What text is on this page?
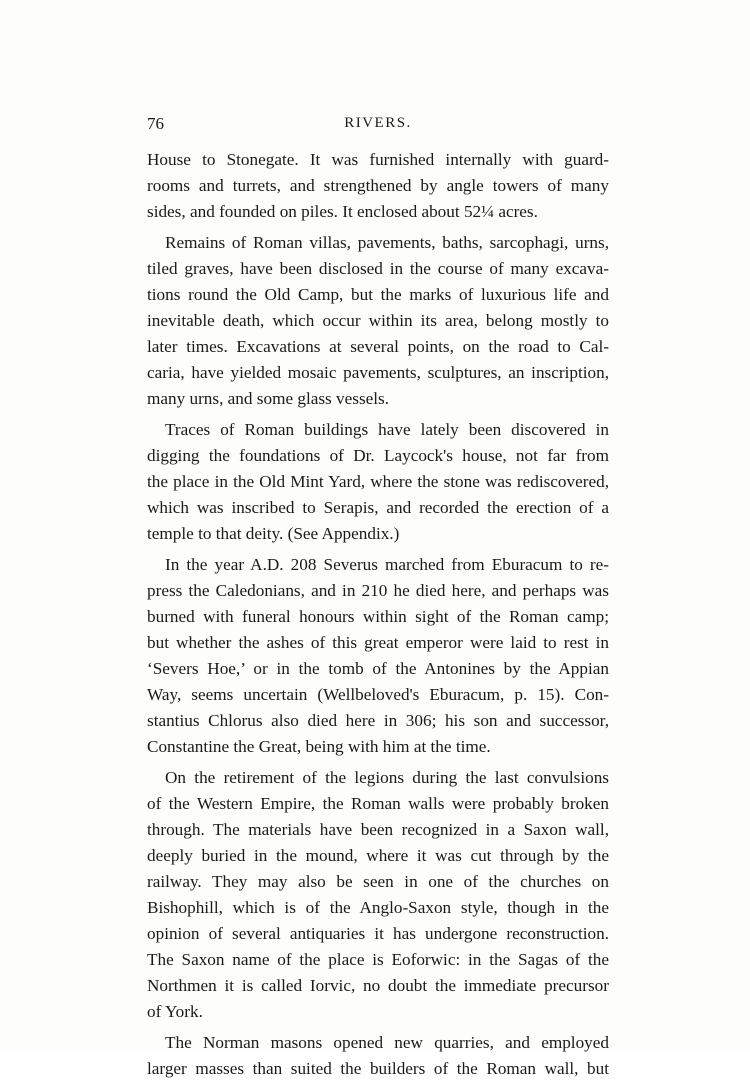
76	RIVERS.
House to Stonegate. It was furnished internally with guard-
rooms and turrets, and strengthened by angle towers of many
sides, and founded on piles. It enclosed about 52¼ acres.
Remains of Roman villas, pavements, baths, sarcophagi, urns,
tiled graves, have been disclosed in the course of many excava-
tions round the Old Camp, but the marks of luxurious life and
inevitable death, which occur within its area, belong mostly to
later times. Excavations at several points, on the road to Cal-
caria, have yielded mosaic pavements, sculptures, an inscription,
many urns, and some glass vessels.
Traces of Roman buildings have lately been discovered in
digging the foundations of Dr. Laycock's house, not far from
the place in the Old Mint Yard, where the stone was rediscovered,
which was inscribed to Serapis, and recorded the erection of a
temple to that deity. (See Appendix.)
In the year A.D. 208 Severus marched from Eburacum to re-
press the Caledonians, and in 210 he died here, and perhaps was
burned with funeral honours within sight of the Roman camp;
but whether the ashes of this great emperor were laid to rest in
‘Severs Hoe,’ or in the tomb of the Antonines by the Appian
Way, seems uncertain (Wellbeloved's Eburacum, p. 15). Con-
stantius Chlorus also died here in 306; his son and successor,
Constantine the Great, being with him at the time.
On the retirement of the legions during the last convulsions
of the Western Empire, the Roman walls were probably broken
through. The materials have been recognized in a Saxon wall,
deeply buried in the mound, where it was cut through by the
railway. They may also be seen in one of the churches on
Bishophill, which is of the Anglo-Saxon style, though in the
opinion of several antiquaries it has undergone reconstruction.
The Saxon name of the place is Eoforwic: in the Sagas of the
Northmen it is called Iorvic, no doubt the immediate precursor
of York.
The Norman masons opened new quarries, and employed
larger masses than suited the builders of the Roman wall, but
